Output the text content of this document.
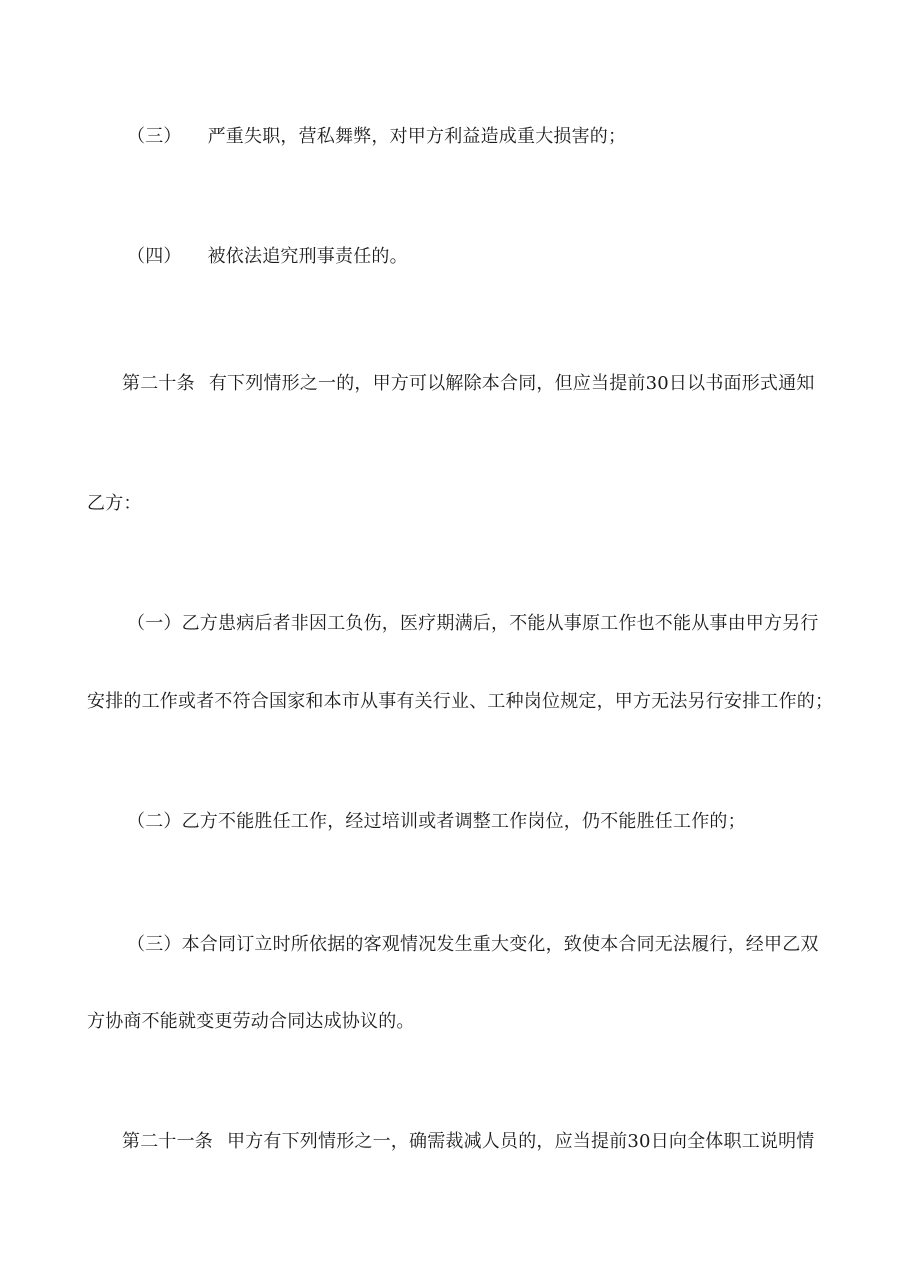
（三） 严重失职，营私舞弊，对甲方利益造成重大损害的；
（四） 被依法追究刑事责任的。
第二十条 有下列情形之一的，甲方可以解除本合同，但应当提前30日以书面形式通知
乙方：
（一）乙方患病后者非因工负伤，医疗期满后，不能从事原工作也不能从事由甲方另行
安排的工作或者不符合国家和本市从事有关行业、工种岗位规定，甲方无法另行安排工作的；
（二）乙方不能胜任工作，经过培训或者调整工作岗位，仍不能胜任工作的；
（三）本合同订立时所依据的客观情况发生重大变化，致使本合同无法履行，经甲乙双
方协商不能就变更劳动合同达成协议的。
第二十一条 甲方有下列情形之一，确需裁减人员的，应当提前30日向全体职工说明情
